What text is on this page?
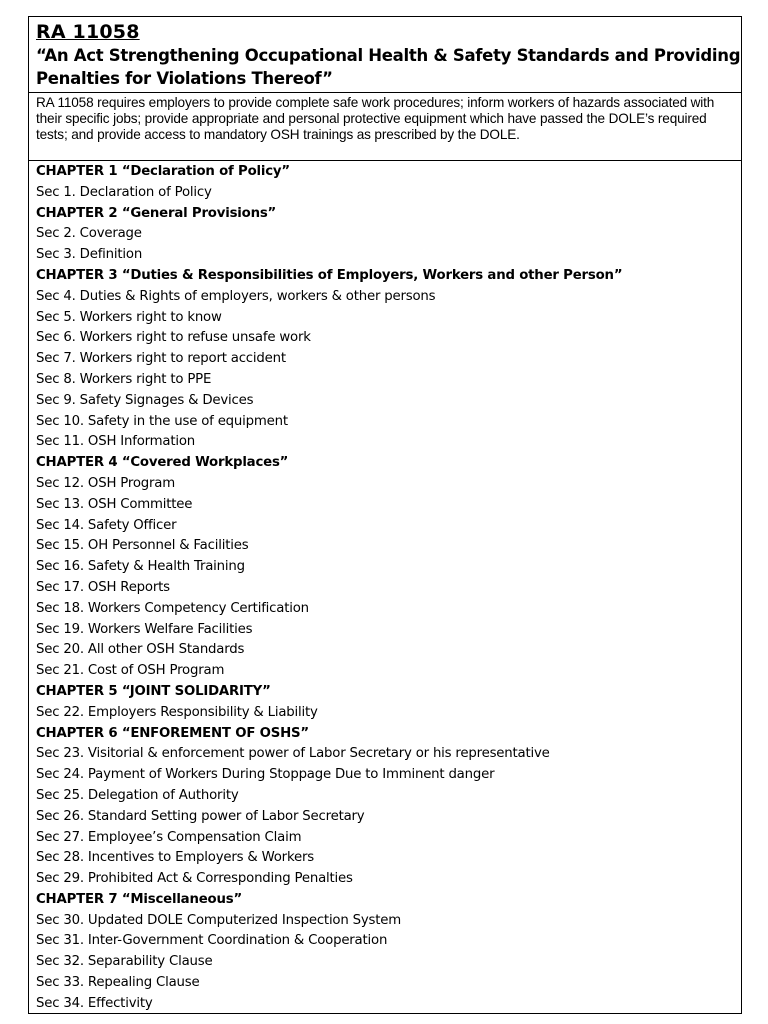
RA 11058
“An Act Strengthening Occupational Health & Safety Standards and Providing Penalties for Violations Thereof”
RA 11058 requires employers to provide complete safe work procedures; inform workers of hazards associated with their specific jobs; provide appropriate and personal protective equipment which have passed the DOLE’s required tests; and provide access to mandatory OSH trainings as prescribed by the DOLE.
CHAPTER 1 “Declaration of Policy”
Sec 1. Declaration of Policy
CHAPTER 2 “General Provisions”
Sec 2. Coverage
Sec 3. Definition
CHAPTER 3 “Duties & Responsibilities of Employers, Workers and other Person”
Sec 4. Duties & Rights of employers, workers & other persons
Sec 5. Workers right to know
Sec 6. Workers right to refuse unsafe work
Sec 7. Workers right to report accident
Sec 8. Workers right to PPE
Sec 9. Safety Signages & Devices
Sec 10. Safety in the use of equipment
Sec 11. OSH Information
CHAPTER 4 “Covered Workplaces”
Sec 12. OSH Program
Sec 13. OSH Committee
Sec 14. Safety Officer
Sec 15. OH Personnel & Facilities
Sec 16. Safety & Health Training
Sec 17. OSH Reports
Sec 18. Workers Competency Certification
Sec 19. Workers Welfare Facilities
Sec 20. All other OSH Standards
Sec 21. Cost of OSH Program
CHAPTER 5 “JOINT SOLIDARITY”
Sec 22. Employers Responsibility & Liability
CHAPTER 6 “ENFOREMENT OF OSHS”
Sec 23. Visitorial & enforcement power of Labor Secretary or his representative
Sec 24. Payment of Workers During Stoppage Due to Imminent danger
Sec 25. Delegation of Authority
Sec 26. Standard Setting power of Labor Secretary
Sec 27. Employee’s Compensation Claim
Sec 28. Incentives to Employers & Workers
Sec 29. Prohibited Act & Corresponding Penalties
CHAPTER 7 “Miscellaneous”
Sec 30. Updated DOLE Computerized Inspection System
Sec 31. Inter-Government Coordination & Cooperation
Sec 32. Separability Clause
Sec 33. Repealing Clause
Sec 34. Effectivity
